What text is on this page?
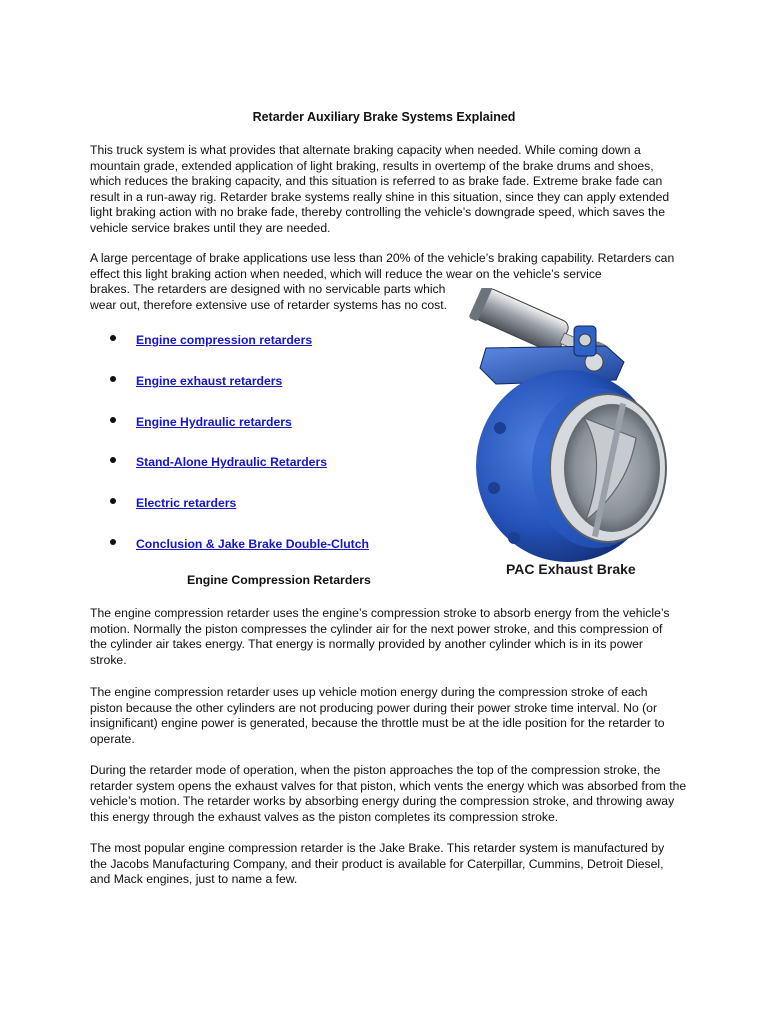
Retarder Auxiliary Brake Systems Explained

This truck system is what provides that alternate braking capacity when needed. While coming down a mountain grade, extended application of light braking, results in overtemp of the brake drums and shoes, which reduces the braking capacity, and this situation is referred to as brake fade. Extreme brake fade can result in a run-away rig. Retarder brake systems really shine in this situation, since they can apply extended light braking action with no brake fade, thereby controlling the vehicle’s downgrade speed, which saves the vehicle service brakes until they are needed.

A large percentage of brake applications use less than 20% of the vehicle’s braking capability. Retarders can effect this light braking action when needed, which will reduce the wear on the vehicle’s service

brakes. The retarders are designed with no servicable parts which wear out, therefore extensive use of retarder systems has no cost.

Engine compression retarders
Engine exhaust retarders
Engine Hydraulic retarders
Stand-Alone Hydraulic Retarders
Electric retarders
Conclusion & Jake Brake Double-Clutch
PAC Exhaust Brake
Engine Compression Retarders

The engine compression retarder uses the engine’s compression stroke to absorb energy from the vehicle’s motion. Normally the piston compresses the cylinder air for the next power stroke, and this compression of the cylinder air takes energy. That energy is normally provided by another cylinder which is in its power stroke.

The engine compression retarder uses up vehicle motion energy during the compression stroke of each piston because the other cylinders are not producing power during their power stroke time interval. No (or insignificant) engine power is generated, because the throttle must be at the idle position for the retarder to operate.

During the retarder mode of operation, when the piston approaches the top of the compression stroke, the retarder system opens the exhaust valves for that piston, which vents the energy which was absorbed from the vehicle’s motion. The retarder works by absorbing energy during the compression stroke, and throwing away this energy through the exhaust valves as the piston completes its compression stroke.

The most popular engine compression retarder is the Jake Brake. This retarder system is manufactured by the Jacobs Manufacturing Company, and their product is available for Caterpillar, Cummins, Detroit Diesel, and Mack engines, just to name a few.
